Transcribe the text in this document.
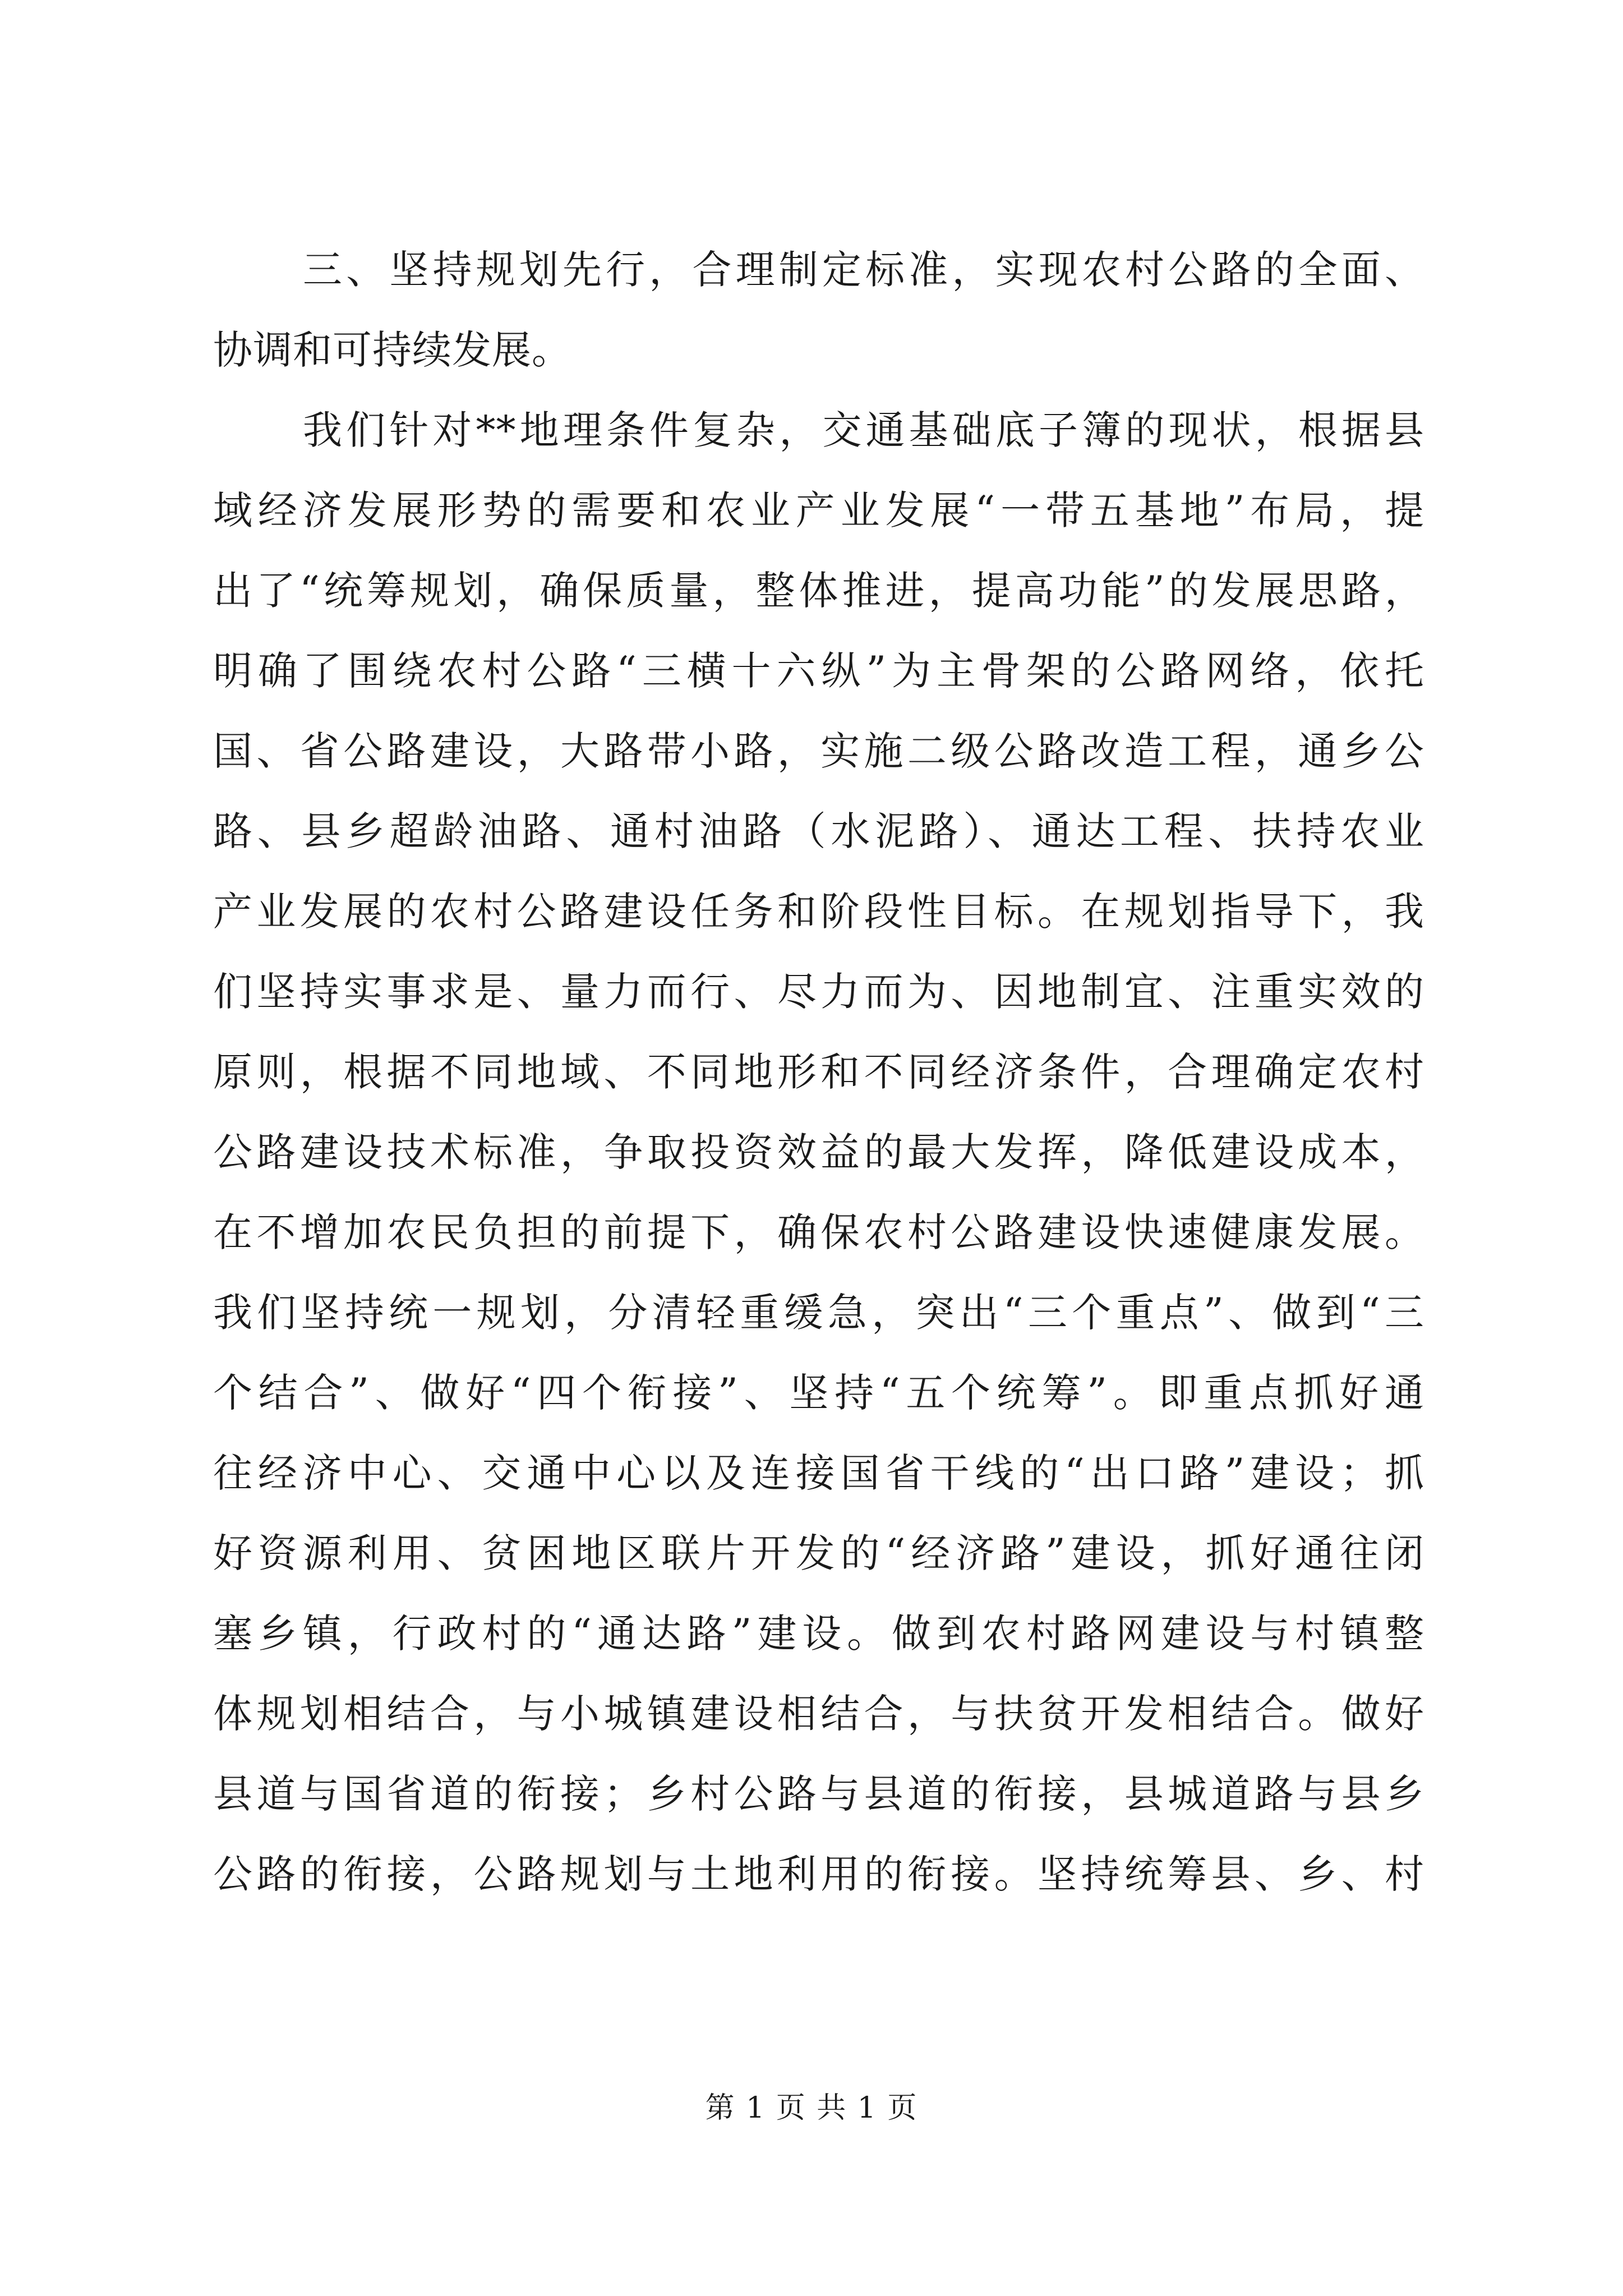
三、坚持规划先行，合理制定标准，实现农村公路的全面、
协调和可持续发展。
我们针对**地理条件复杂，交通基础底子簿的现状，根据县
域经济发展形势的需要和农业产业发展“一带五基地”布局，提
出了“统筹规划，确保质量，整体推进，提高功能”的发展思路，
明确了围绕农村公路“三横十六纵”为主骨架的公路网络，依托
国、省公路建设，大路带小路，实施二级公路改造工程，通乡公
路、县乡超龄油路、通村油路（水泥路）、通达工程、扶持农业
产业发展的农村公路建设任务和阶段性目标。在规划指导下，我
们坚持实事求是、量力而行、尽力而为、因地制宜、注重实效的
原则，根据不同地域、不同地形和不同经济条件，合理确定农村
公路建设技术标准，争取投资效益的最大发挥，降低建设成本，
在不增加农民负担的前提下，确保农村公路建设快速健康发展。
我们坚持统一规划，分清轻重缓急，突出“三个重点”、做到“三
个结合”、做好“四个衔接”、坚持“五个统筹”。即重点抓好通
往经济中心、交通中心以及连接国省干线的“出口路”建设；抓
好资源利用、贫困地区联片开发的“经济路”建设，抓好通往闭
塞乡镇，行政村的“通达路”建设。做到农村路网建设与村镇整
体规划相结合，与小城镇建设相结合，与扶贫开发相结合。做好
县道与国省道的衔接；乡村公路与县道的衔接，县城道路与县乡
公路的衔接，公路规划与土地利用的衔接。坚持统筹县、乡、村
第 1 页 共 1 页
